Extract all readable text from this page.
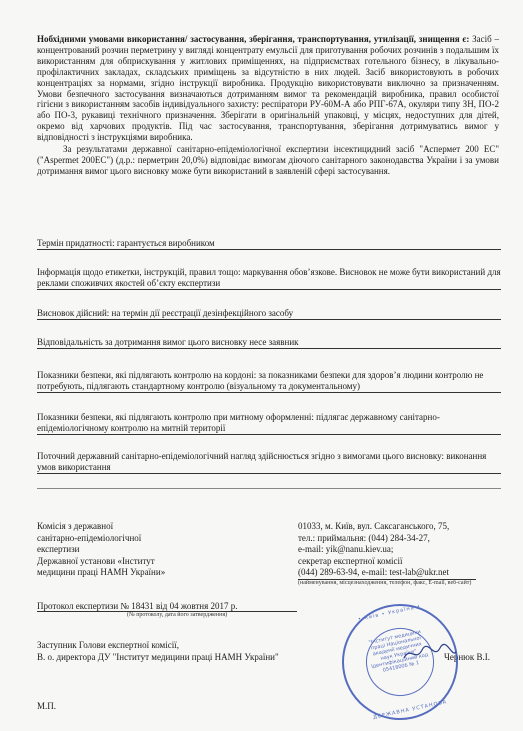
Нобхідними умовами використання/ застосування, зберігання, транспортування, утилізації, знищення є: Засіб – концентрований розчин перметрину у вигляді концентрату емульсії для приготування робочих розчинів з подальшим їх використанням для обприскування у житлових приміщеннях, на підприємствах готельного бізнесу, в лікувально-профілактичних закладах, складських приміщень за відсутністю в них людей. Засіб використовують в робочих концентраціях за нормами, згідно інструкції виробника. Продукцію використовувати виключно за призначенням. Умови безпечного застосування визначаються дотриманням вимог та рекомендацій виробника, правил особистої гігієни з використанням засобів індивідуального захисту: респіратори РУ-60М-А або РПГ-67А, окуляри типу ЗН, ПО-2 або ПО-3, рукавиці технічного призначення. Зберігати в оригінальній упаковці, у місцях, недоступних для дітей, окремо від харчових продуктів. Під час застосування, транспортування, зберігання дотримуватись вимог у відповідності з інструкціями виробника.

За результатами державної санітарно-епідеміологічної експертизи інсектицидний засіб "Аспермет 200 ЕС" ("Aspermet 200EC") (д.р.: перметрин 20,0%) відповідає вимогам діючого санітарного законодавства України і за умови дотримання вимог цього висновку може бути використаний в заявленій сфері застосування.

Термін придатності: гарантується виробником
Інформація щодо етикетки, інструкцій, правил тощо: маркування обов’язкове. Висновок не може бути використаний для реклами споживчих якостей об’єкту експертизи
Висновок дійсний: на термін дії реєстрації дезінфекційного засобу
Відповідальність за дотримання вимог цього висновку несе заявник
Показники безпеки, які підлягають контролю на кордоні: за показниками безпеки для здоров’я людини контролю не потребують, підлягають стандартному контролю (візуальному та документальному)
Показники безпеки, які підлягають контролю при митному оформленні: підлягає державному санітарно-епідеміологічному контролю на митній території
Поточний державний санітарно-епідеміологічний нагляд здійснюється згідно з вимогами цього висновку: виконання умов використання
Комісія з державної
санітарно-епідеміологічної
експертизи
Державної установи «Інститут
медицини праці НАМН України»
01033, м. Київ, вул. Саксаганського, 75,
тел.: приймальня: (044) 284-34-27,
e-mail: yik@nanu.kiev.ua;
секретар експертної комісії
(044) 289-63-94, e-mail: test-lab@ukr.net
(найменування, місцезнаходження, телефон, факс, E-mail, веб-сайт)
Протокол експертизи № 18431 від 04 жовтня 2017 р.
(№ протоколу, дата його затвердження)
Заступник Голови експертної комісії,
В. о. директора ДУ "Інститут медицини праці НАМН України"	Чернюк В.І.
М.П.
• Київ • Україна •
"Інститут медицини праці Національної академії медичних наук України" Ідентифікаційний код 05418006 № 1
ДЕРЖАВНА УСТАНОВА
